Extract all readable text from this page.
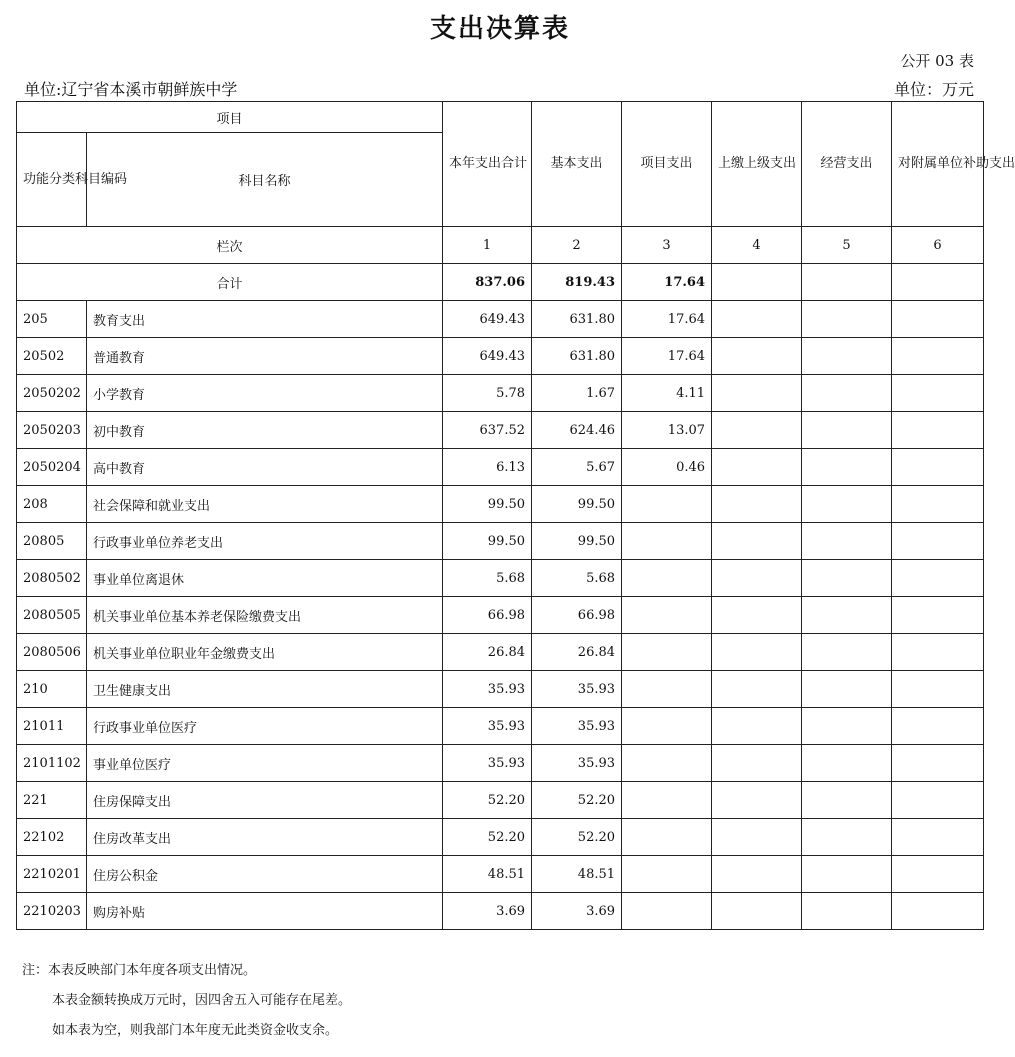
支出决算表
公开 03 表
单位:辽宁省本溪市朝鲜族中学	单位：万元
项目		本年支出合计	基本支出	项目支出	上缴上级支出	经营支出	对附属单位补助支出
功能分类科目编码	科目名称						
栏次		1	2	3	4	5	6
合计		837.06	819.43	17.64			
205	教育支出	649.43	631.80	17.64			
20502	普通教育	649.43	631.80	17.64			
2050202	小学教育	5.78	1.67	4.11			
2050203	初中教育	637.52	624.46	13.07			
2050204	高中教育	6.13	5.67	0.46			
208	社会保障和就业支出	99.50	99.50				
20805	行政事业单位养老支出	99.50	99.50				
2080502	事业单位离退休	5.68	5.68				
2080505	机关事业单位基本养老保险缴费支出	66.98	66.98				
2080506	机关事业单位职业年金缴费支出	26.84	26.84				
210	卫生健康支出	35.93	35.93				
21011	行政事业单位医疗	35.93	35.93				
2101102	事业单位医疗	35.93	35.93				
221	住房保障支出	52.20	52.20				
22102	住房改革支出	52.20	52.20				
2210201	住房公积金	48.51	48.51				
2210203	购房补贴	3.69	3.69				
注：本表反映部门本年度各项支出情况。
本表金额转换成万元时，因四舍五入可能存在尾差。
如本表为空，则我部门本年度无此类资金收支余。
